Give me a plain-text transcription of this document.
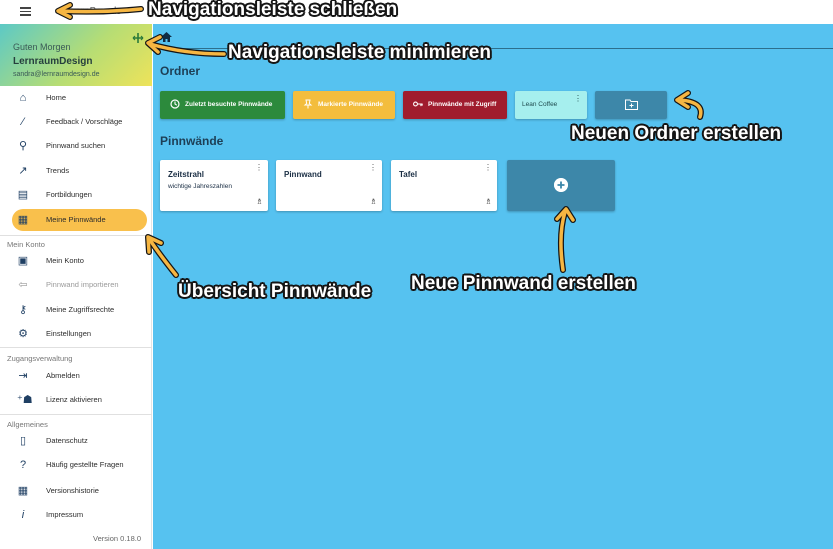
LearnBoards
Guten Morgen
LernraumDesign
sandra@lernraumdesign.de
⌂	Home
⁄	Feedback / Vorschläge
⚲	Pinnwand suchen
↗ Trends
▤ Fortbildungen
▦ Meine Pinnwände
Mein Konto
▣ Mein Konto
⇦ Pinnwand importieren
⚷	Meine Zugriffsrechte
⚙ Einstellungen
Zugangsverwaltung
⇥ Abmelden
⁺☗ Lizenz aktivieren
Allgemeines
▯	Datenschutz
?	Häufig gestellte Fragen
▦ Versionshistorie
i	Impressum
Version 0.18.0
Ordner
Zuletzt besuchte Pinnwände	Markierte Pinnwände	Pinnwände mit Zugriff	Lean Coffee
⋮
Pinnwände
Zeitstrahl
wichtige Jahreszahlen
⋮
♗
Pinnwand
⋮
♗
Tafel
⋮
♗
Navigationsleiste schließen
Navigationsleiste minimieren
Neuen Ordner erstellen
Übersicht Pinnwände Neue Pinnwand erstellen
